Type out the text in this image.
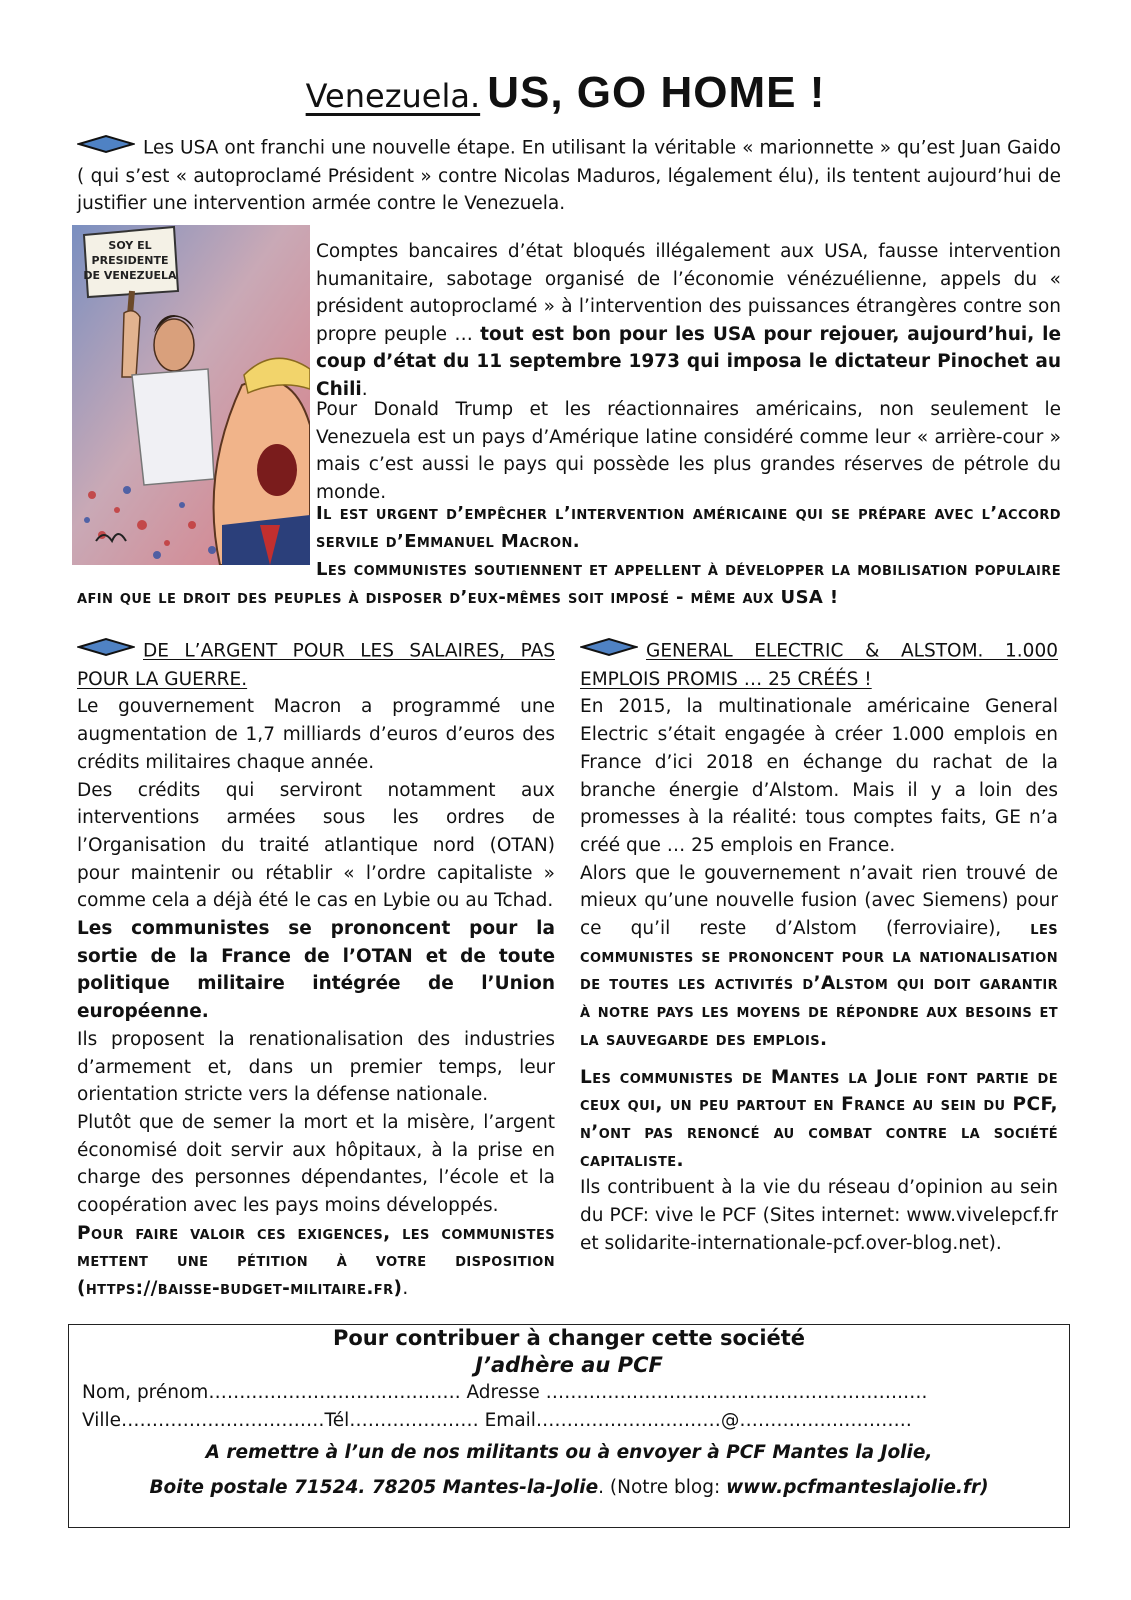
Venezuela. US, GO HOME !
Les USA ont franchi une nouvelle étape. En utilisant la véritable « marionnette » qu’est Juan Gaido ( qui s’est « autoproclamé Président » contre Nicolas Maduros, légalement élu), ils tentent aujourd’hui de justifier une intervention armée contre le Venezuela.
SOY EL
PRESIDENTE
DE VENEZUELA
Comptes bancaires d’état bloqués illégalement aux USA, fausse intervention humanitaire, sabotage organisé de l’économie vénézuélienne, appels du « président autoproclamé » à l’intervention des puissances étrangères contre son propre peuple … tout est bon pour les USA pour rejouer, aujourd’hui, le coup d’état du 11 septembre 1973 qui imposa le dictateur Pinochet au Chili.
Pour Donald Trump et les réactionnaires américains, non seulement le Venezuela est un pays d’Amérique latine considéré comme leur « arrière-cour » mais c’est aussi le pays qui possède les plus grandes réserves de pétrole du monde.
Il est urgent d’empêcher l’intervention américaine qui se prépare avec l’accord servile d’Emmanuel Macron.
Les communistes soutiennent et appellent à développer la mobilisation populaire afin que le droit des peuples à disposer d’eux-mêmes soit imposé - même aux USA !
DE L’ARGENT POUR LES SALAIRES, PAS POUR LA GUERRE.
Le gouvernement Macron a programmé une augmentation de 1,7 milliards d’euros d’euros des crédits militaires chaque année.
Des crédits qui serviront notamment aux interventions armées sous les ordres de l’Organisation du traité atlantique nord (OTAN) pour maintenir ou rétablir « l’ordre capitaliste » comme cela a déjà été le cas en Lybie ou au Tchad.
Les communistes se prononcent pour la sortie de la France de l’OTAN et de toute politique militaire intégrée de l’Union européenne.
Ils proposent la renationalisation des industries d’armement et, dans un premier temps, leur orientation stricte vers la défense nationale.
Plutôt que de semer la mort et la misère, l’argent économisé doit servir aux hôpitaux, à la prise en charge des personnes dépendantes, l’école et la coopération avec les pays moins développés.
Pour faire valoir ces exigences, les communistes mettent une pétition à votre disposition (https://baisse-budget-militaire.fr).
GENERAL ELECTRIC & ALSTOM. 1.000 EMPLOIS PROMIS … 25 CRÉÉS !
En 2015, la multinationale américaine General Electric s’était engagée à créer 1.000 emplois en France d’ici 2018 en échange du rachat de la branche énergie d’Alstom. Mais il y a loin des promesses à la réalité: tous comptes faits, GE n’a créé que … 25 emplois en France.
Alors que le gouvernement n’avait rien trouvé de mieux qu’une nouvelle fusion (avec Siemens) pour ce qu’il reste d’Alstom (ferroviaire), les communistes se prononcent pour la nationalisation de toutes les activités d’Alstom qui doit garantir à notre pays les moyens de répondre aux besoins et la sauvegarde des emplois.
Les communistes de Mantes la Jolie font partie de ceux qui, un peu partout en France au sein du PCF, n’ont pas renoncé au combat contre la société capitaliste.
Ils contribuent à la vie du réseau d’opinion au sein du PCF: vive le PCF (Sites internet: www.vivelepcf.fr et solidarite-internationale-pcf.over-blog.net).
Pour contribuer à changer cette société
J’adhère au PCF
Nom, prénom…….……………………………. Adresse ………………………………………………….….
Ville……………………………Tél………………… Email…………………………@……………………….
A remettre à l’un de nos militants ou à envoyer à PCF Mantes la Jolie,
Boite postale 71524. 78205 Mantes-la-Jolie. (Notre blog: www.pcfmanteslajolie.fr)
